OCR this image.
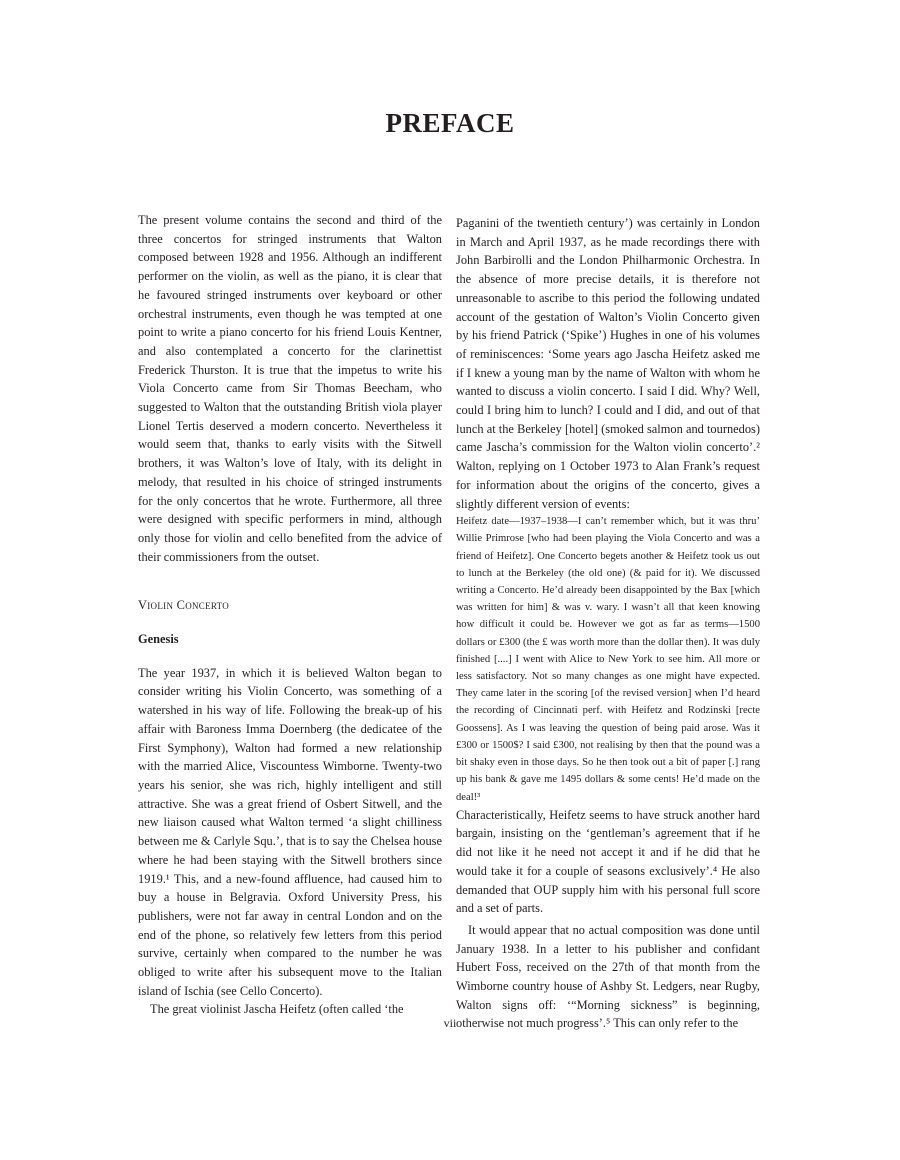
PREFACE

The present volume contains the second and third of the three concertos for stringed instruments that Walton composed between 1928 and 1956. Although an indifferent performer on the violin, as well as the piano, it is clear that he favoured stringed instruments over keyboard or other orchestral instruments, even though he was tempted at one point to write a piano concerto for his friend Louis Kentner, and also contemplated a concerto for the clarinettist Frederick Thurston. It is true that the impetus to write his Viola Concerto came from Sir Thomas Beecham, who suggested to Walton that the outstanding British viola player Lionel Tertis deserved a modern concerto. Nevertheless it would seem that, thanks to early visits with the Sitwell brothers, it was Walton’s love of Italy, with its delight in melody, that resulted in his choice of stringed instruments for the only concertos that he wrote. Furthermore, all three were designed with specific performers in mind, although only those for violin and cello benefited from the advice of their commissioners from the outset.

Violin Concerto
Genesis

The year 1937, in which it is believed Walton began to consider writing his Violin Concerto, was something of a watershed in his way of life. Following the break-up of his affair with Baroness Imma Doernberg (the dedicatee of the First Symphony), Walton had formed a new relationship with the married Alice, Viscountess Wimborne. Twenty-two years his senior, she was rich, highly intelligent and still attractive. She was a great friend of Osbert Sitwell, and the new liaison caused what Walton termed ‘a slight chilliness between me & Carlyle Squ.’, that is to say the Chelsea house where he had been staying with the Sitwell brothers since 1919.¹ This, and a new-found affluence, had caused him to buy a house in Belgravia. Oxford University Press, his publishers, were not far away in central London and on the end of the phone, so relatively few letters from this period survive, certainly when compared to the number he was obliged to write after his subsequent move to the Italian island of Ischia (see Cello Concerto).

The great violinist Jascha Heifetz (often called ‘the

Paganini of the twentieth century’) was certainly in London in March and April 1937, as he made recordings there with John Barbirolli and the London Philharmonic Orchestra. In the absence of more precise details, it is therefore not unreasonable to ascribe to this period the following undated account of the gestation of Walton’s Violin Concerto given by his friend Patrick (‘Spike’) Hughes in one of his volumes of reminiscences: ‘Some years ago Jascha Heifetz asked me if I knew a young man by the name of Walton with whom he wanted to discuss a violin concerto. I said I did. Why? Well, could I bring him to lunch? I could and I did, and out of that lunch at the Berkeley [hotel] (smoked salmon and tournedos) came Jascha’s commission for the Walton violin concerto’.² Walton, replying on 1 October 1973 to Alan Frank’s request for information about the origins of the concerto, gives a slightly different version of events:

Heifetz date—1937–1938—I can’t remember which, but it was thru’ Willie Primrose [who had been playing the Viola Concerto and was a friend of Heifetz]. One Concerto begets another & Heifetz took us out to lunch at the Berkeley (the old one) (& paid for it). We discussed writing a Concerto. He’d already been disappointed by the Bax [which was written for him] & was v. wary. I wasn’t all that keen knowing how difficult it could be. However we got as far as terms—1500 dollars or £300 (the £ was worth more than the dollar then). It was duly finished [....] I went with Alice to New York to see him. All more or less satisfactory. Not so many changes as one might have expected. They came later in the scoring [of the revised version] when I’d heard the recording of Cincinnati perf. with Heifetz and Rodzinski [recte Goossens]. As I was leaving the question of being paid arose. Was it £300 or 1500$? I said £300, not realising by then that the pound was a bit shaky even in those days. So he then took out a bit of paper [.] rang up his bank & gave me 1495 dollars & some cents! He’d made on the deal!³

Characteristically, Heifetz seems to have struck another hard bargain, insisting on the ‘gentleman’s agreement that if he did not like it he need not accept it and if he did that he would take it for a couple of seasons exclusively’.⁴ He also demanded that OUP supply him with his personal full score and a set of parts.

It would appear that no actual composition was done until January 1938. In a letter to his publisher and confidant Hubert Foss, received on the 27th of that month from the Wimborne country house of Ashby St. Ledgers, near Rugby, Walton signs off: ‘“Morning sickness” is beginning, otherwise not much progress’.⁵ This can only refer to the

vii
